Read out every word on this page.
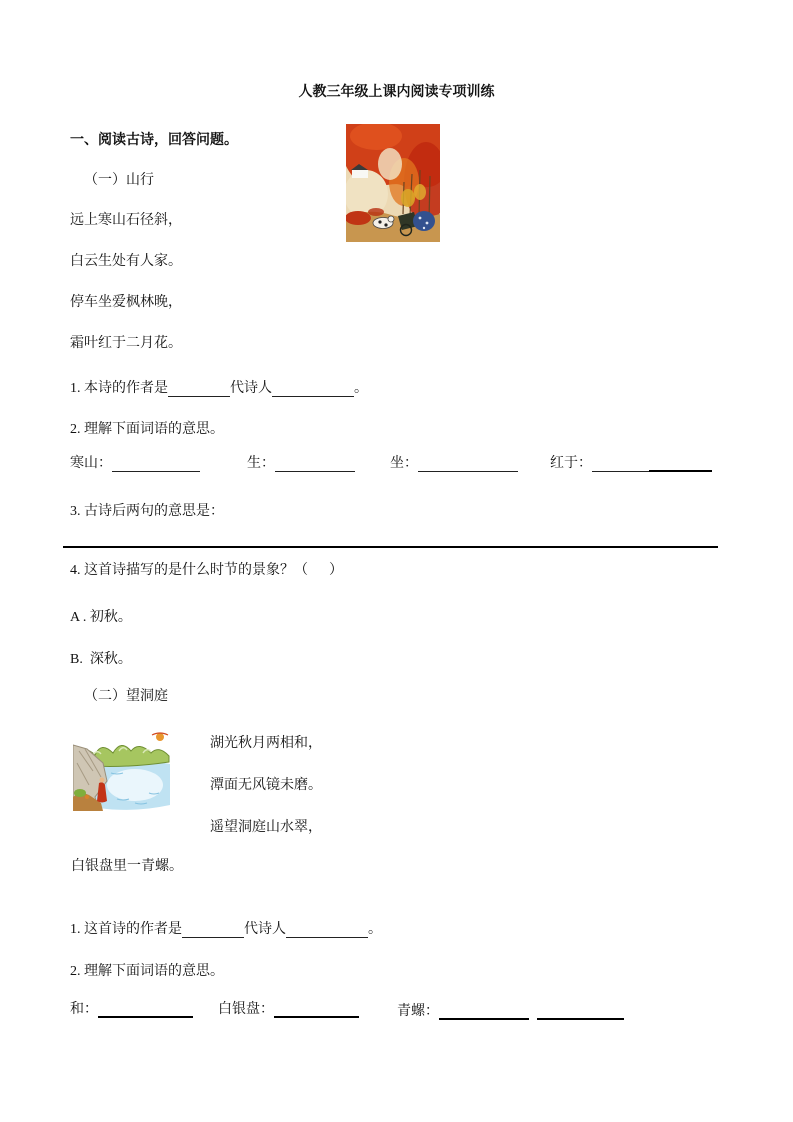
人教三年级上课内阅读专项训练
一、阅读古诗，回答问题。
（一）山行
远上寒山石径斜，
白云生处有人家。
停车坐爱枫林晚，
霜叶红于二月花。
1. 本诗的作者是	代诗人	。
2. 理解下面词语的意思。
寒山：	生：	坐：	红于：
3. 古诗后两句的意思是：
4. 这首诗描写的是什么时节的景象？（      ）
A . 初秋。
B.  深秋。
（二）望洞庭
湖光秋月两相和，
潭面无风镜未磨。
遥望洞庭山水翠，
白银盘里一青螺。
1. 这首诗的作者是	代诗人	。
2. 理解下面词语的意思。
和：	白银盘：	青螺：
